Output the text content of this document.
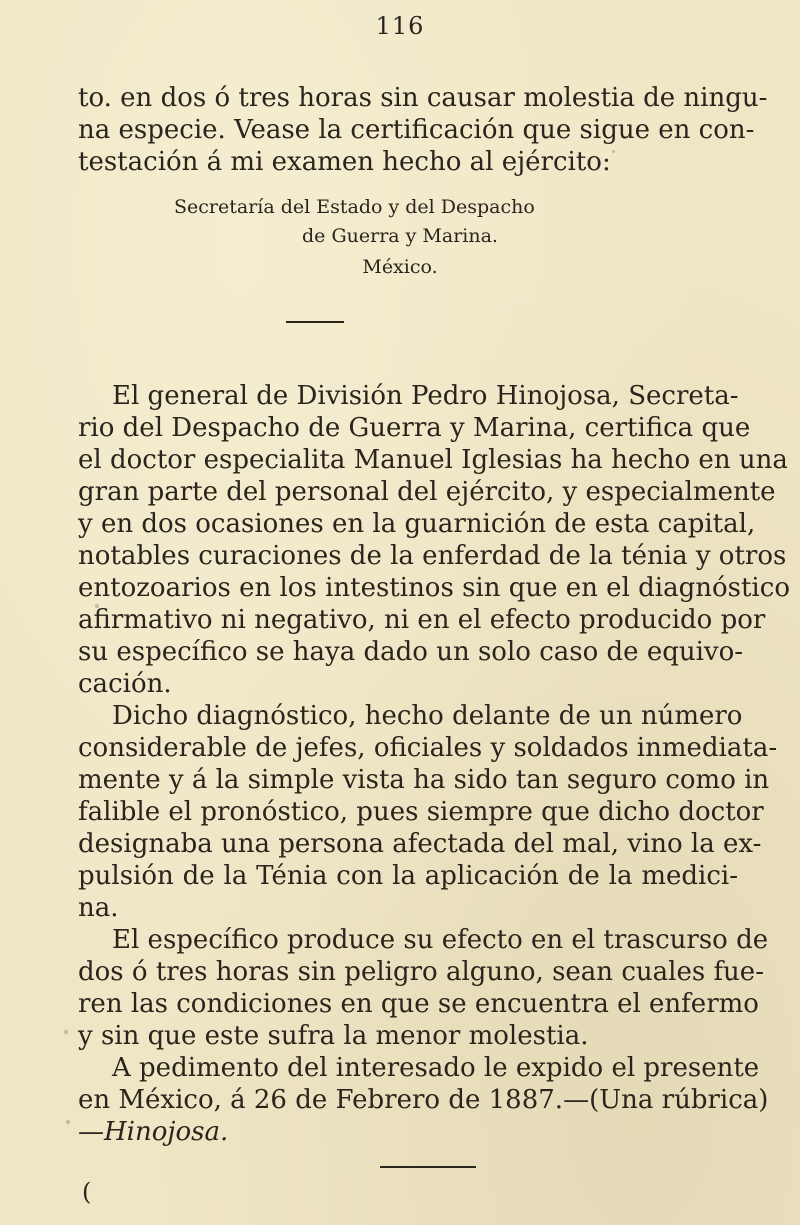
116
to. en dos ó tres horas sin causar molestia de ningu-
na especie. Vease la certificación que sigue en con-
testación á mi examen hecho al ejército:
Secretaría del Estado y del Despacho
de Guerra y Marina.
México.
El general de División Pedro Hinojosa, Secreta-
rio del Despacho de Guerra y Marina, certifica que
el doctor especialita Manuel Iglesias ha hecho en una
gran parte del personal del ejército, y especialmente
y en dos ocasiones en la guarnición de esta capital,
notables curaciones de la enferdad de la ténia y otros
entozoarios en los intestinos sin que en el diagnóstico
afirmativo ni negativo, ni en el efecto producido por
su específico se haya dado un solo caso de equivo-
cación.
Dicho diagnóstico, hecho delante de un número
considerable de jefes, oficiales y soldados inmediata-
mente y á la simple vista ha sido tan seguro como in
falible el pronóstico, pues siempre que dicho doctor
designaba una persona afectada del mal, vino la ex-
pulsión de la Ténia con la aplicación de la medici-
na.
El específico produce su efecto en el trascurso de
dos ó tres horas sin peligro alguno, sean cuales fue-
ren las condiciones en que se encuentra el enfermo
y sin que este sufra la menor molestia.
A pedimento del interesado le expido el presente
en México, á 26 de Febrero de 1887.—(Una rúbrica)
—Hinojosa.
(
